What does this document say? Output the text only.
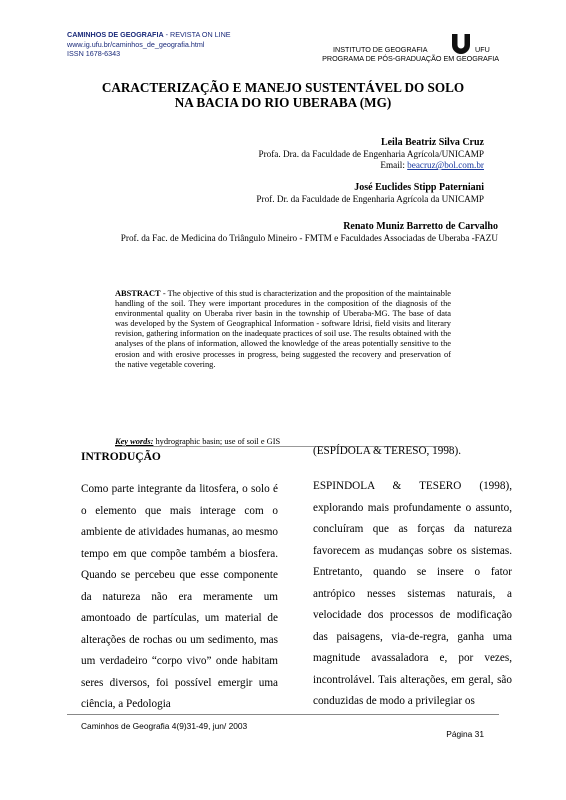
CAMINHOS DE GEOGRAFIA - REVISTA ON LINE
www.ig.ufu.br/caminhos_de_geografia.html
ISSN 1678-6343	INSTITUTO DE GEOGRAFIA	UFU
PROGRAMA DE PÓS-GRADUAÇÃO EM GEOGRAFIA
CARACTERIZAÇÃO E MANEJO SUSTENTÁVEL DO SOLO
NA BACIA DO RIO UBERABA (MG)
Leila Beatriz Silva Cruz
Profa. Dra. da Faculdade de Engenharia Agrícola/UNICAMP
Email: beacruz@bol.com.br
José Euclides Stipp Paterniani
Prof. Dr. da Faculdade de Engenharia Agrícola da UNICAMP
Renato Muniz Barretto de Carvalho
Prof. da Fac. de Medicina do Triângulo Mineiro - FMTM e Faculdades Associadas de Uberaba -FAZU
ABSTRACT - The objective of this stud is characterization and the proposition of the maintainable handling of the soil. They were important procedures in the composition of the diagnosis of the environmental quality on Uberaba river basin in the township of Uberaba-MG. The base of data was developed by the System of Geographical Information - software Idrisi, field visits and literary revision, gathering information on the inadequate practices of soil use. The results obtained with the analyses of the plans of information, allowed the knowledge of the areas potentially sensitive to the erosion and with erosive processes in progress, being suggested the recovery and preservation of the native vegetable covering.
Key words: hydrographic basin; use of soil e GIS
INTRODUÇÃO
Como parte integrante da litosfera, o solo é o elemento que mais interage com o ambiente de atividades humanas, ao mesmo tempo em que compõe também a biosfera. Quando se percebeu que esse componente da natureza não era meramente um amontoado de partículas, um material de alterações de rochas ou um sedimento, mas um verdadeiro “corpo vivo” onde habitam seres diversos, foi possível emergir uma ciência, a Pedologia
(ESPÍDOLA & TERESO, 1998).
ESPINDOLA & TESERO (1998), explorando mais profundamente o assunto, concluíram que as forças da natureza favorecem as mudanças sobre os sistemas. Entretanto, quando se insere o fator antrópico nesses sistemas naturais, a velocidade dos processos de modificação das paisagens, via-de-regra, ganha uma magnitude avassaladora e, por vezes, incontrolável. Tais alterações, em geral, são conduzidas de modo a privilegiar os
Caminhos de Geografia 4(9)31-49, jun/ 2003
Página 31
